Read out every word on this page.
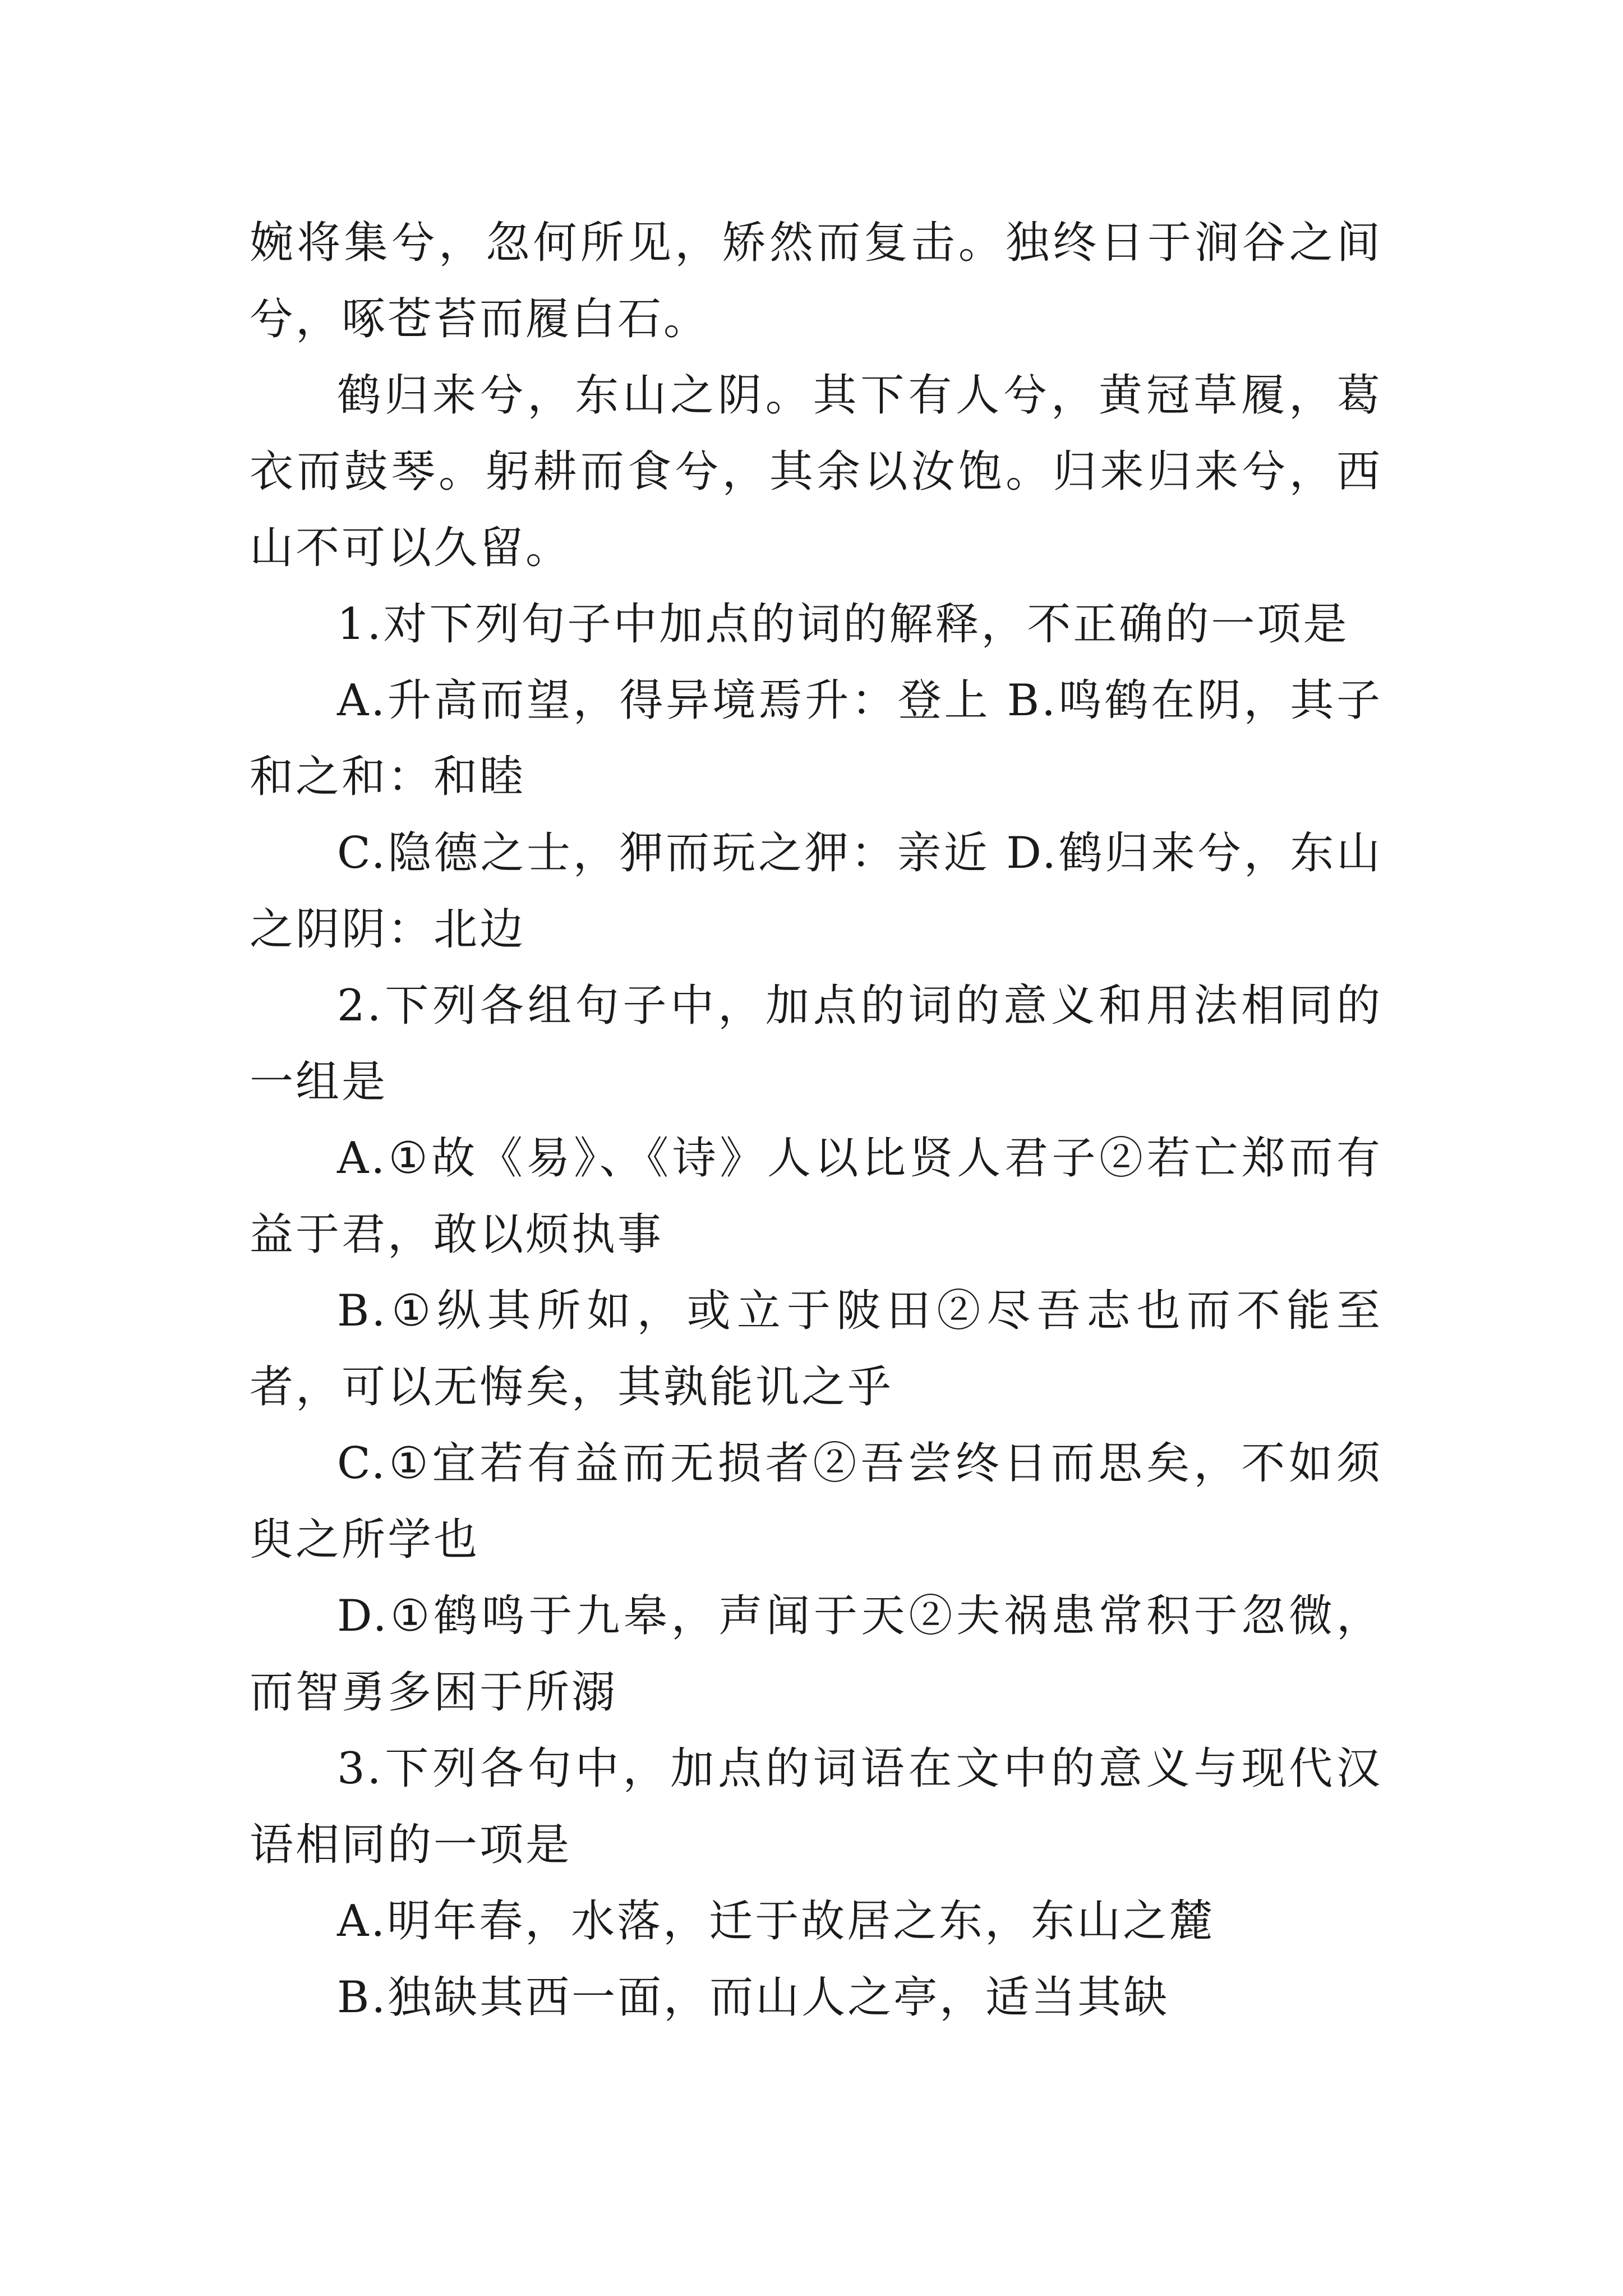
婉将集兮，忽何所见，矫然而复击。独终日于涧谷之间兮，啄苍苔而履白石。

鹤归来兮，东山之阴。其下有人兮，黄冠草履，葛衣而鼓琴。躬耕而食兮，其余以汝饱。归来归来兮，西山不可以久留。

1.对下列句子中加点的词的解释，不正确的一项是

A.升高而望，得异境焉升：登上 B.鸣鹤在阴，其子和之和：和睦

C.隐德之士，狎而玩之狎：亲近 D.鹤归来兮，东山之阴阴：北边

2.下列各组句子中，加点的词的意义和用法相同的一组是

A.①故《易》、《诗》人以比贤人君子②若亡郑而有益于君，敢以烦执事

B.①纵其所如，或立于陂田②尽吾志也而不能至者，可以无悔矣，其孰能讥之乎

C.①宜若有益而无损者②吾尝终日而思矣，不如须臾之所学也

D.①鹤鸣于九皋，声闻于天②夫祸患常积于忽微，而智勇多困于所溺

3.下列各句中，加点的词语在文中的意义与现代汉语相同的一项是

A.明年春，水落，迁于故居之东，东山之麓

B.独缺其西一面，而山人之亭，适当其缺
